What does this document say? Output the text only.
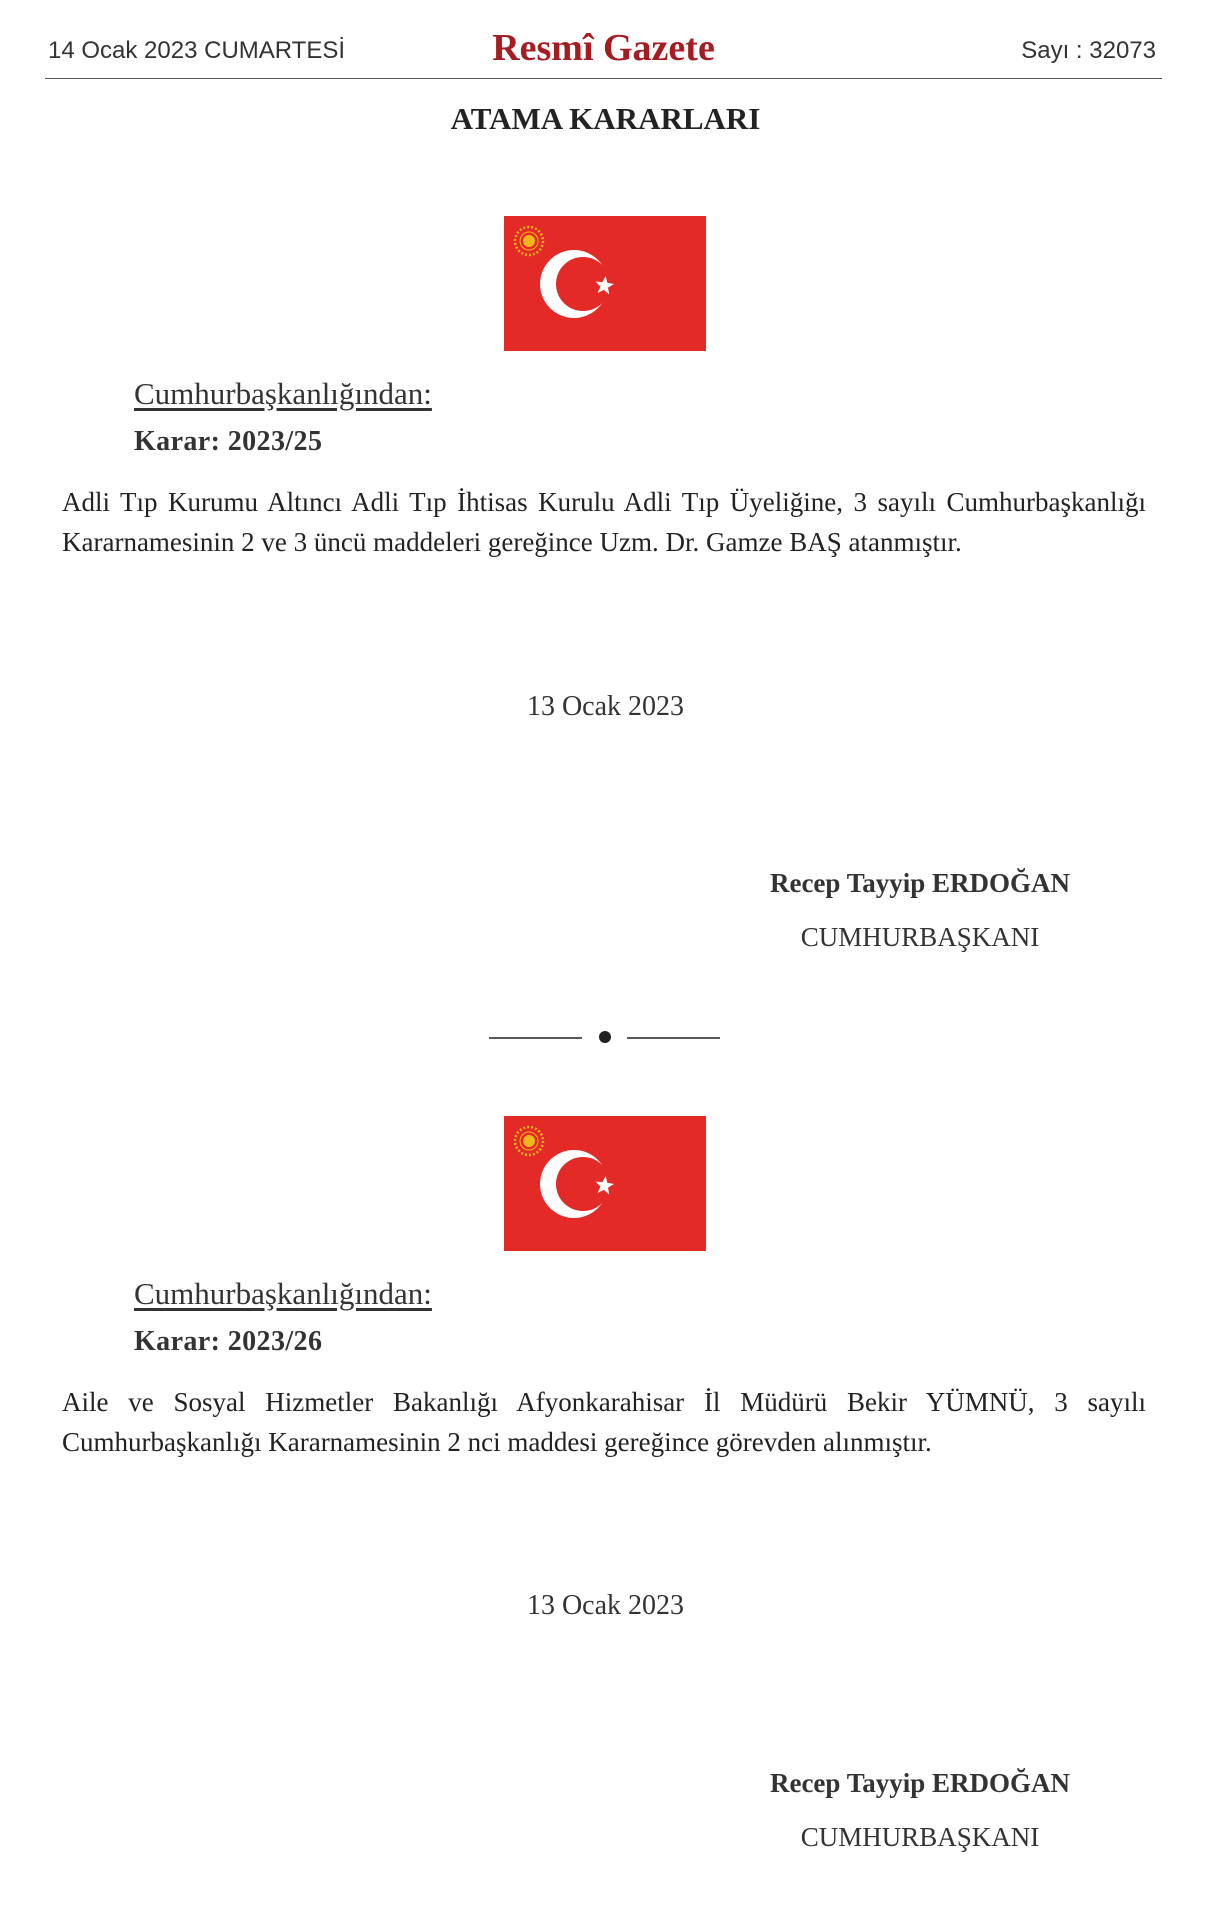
14 Ocak 2023 CUMARTESİ	Resmî Gazete	Sayı : 32073
ATAMA KARARLARI
Cumhurbaşkanlığından:
Karar: 2023/25
Adli Tıp Kurumu Altıncı Adli Tıp İhtisas Kurulu Adli Tıp Üyeliğine, 3 sayılı Cumhurbaşkanlığı Kararnamesinin 2 ve 3 üncü maddeleri gereğince Uzm. Dr. Gamze BAŞ atanmıştır.
13 Ocak 2023
Recep Tayyip ERDOĞAN
CUMHURBAŞKANI
Cumhurbaşkanlığından:
Karar: 2023/26
Aile ve Sosyal Hizmetler Bakanlığı Afyonkarahisar İl Müdürü Bekir YÜMNÜ, 3 sayılı Cumhurbaşkanlığı Kararnamesinin 2 nci maddesi gereğince görevden alınmıştır.
13 Ocak 2023
Recep Tayyip ERDOĞAN
CUMHURBAŞKANI
